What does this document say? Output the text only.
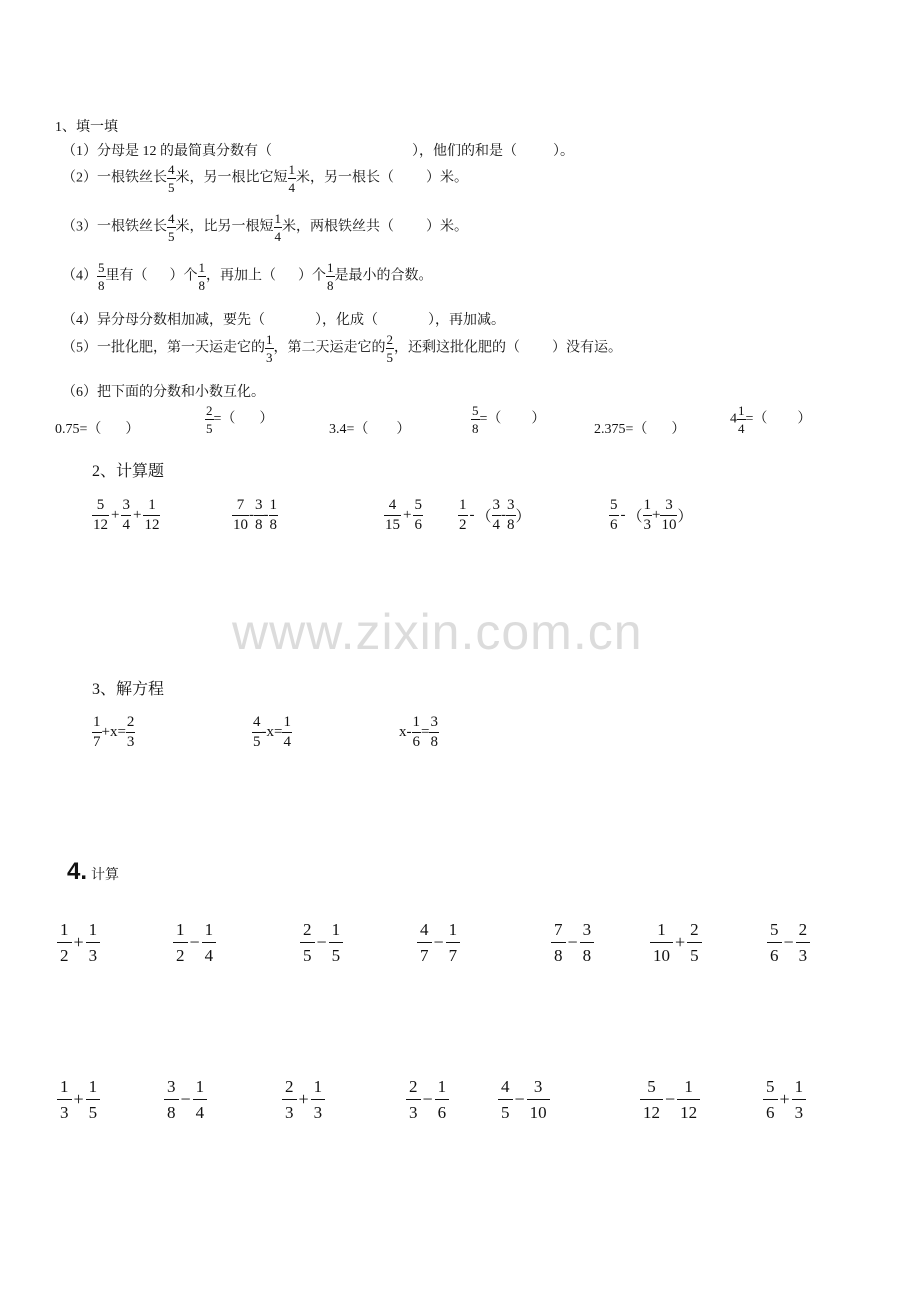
www.zixin.com.cn
1、填一填
（1）分母是 12 的最简真分数有（	），他们的和是（	）。
（2）一根铁丝长 $\frac{4}{5}$ 米，另一根比它短 $\frac{1}{4}$ 米，另一根长（ ）米。
（3）一根铁丝长 $\frac{4}{5}$ 米，比另一根短 $\frac{1}{4}$ 米，两根铁丝共（ ）米。
$(4) \frac{5}{8}$ 里有（ ）个 $\frac{1}{8}$ ，再加上（ ）个 $\frac{1}{8}$ 是最小的合数。
（4）异分母分数相加减，要先（	），化成（	），再加减。
（5）一批化肥，第一天运走它的 $\frac{1}{3}$ ，第二天运走它的 $\frac{2}{5}$ ，还剩这批化肥的（ ）没有运。
（6）把下面的分数和小数互化。
0.75=（ ）	$\frac{2}{5}$ =（ ）
3.4=（ ）	$\frac{5}{8}$ =（ ）
2.375=（ ）
$4 \frac{1}{4}$ =（ ）
2、计算题
$\frac{5}{12} + \frac{3}{4} + \frac{1}{12}$	$\frac{7}{10} - \frac{3}{8} - \frac{1}{8}$	$\frac{4}{15} + \frac{5}{6} \frac{1}{2}$ - （ $\frac{3}{4} - \frac{3}{8}$ ）	$\frac{5}{6}$ - （ $\frac{1}{3} + \frac{3}{10}$ ）
3、解方程
$\frac{1}{7} +x= \frac{2}{3}$	$\frac{4}{5} -x= \frac{1}{4}$	$x- \frac{1}{6} = \frac{3}{8}$
4. 计算
$\frac{1}{2} + \frac{1}{3}$	$\frac{1}{2} - \frac{1}{4}$	$\frac{2}{5} - \frac{1}{5}$	$\frac{4}{7} - \frac{1}{7}$	$\frac{7}{8} - \frac{3}{8}$	$\frac{1}{10} + \frac{2}{5}$	$\frac{5}{6} - \frac{2}{3}$
$\frac{1}{3} + \frac{1}{5}$	$\frac{3}{8} - \frac{1}{4}$	$\frac{2}{3} + \frac{1}{3}$	$\frac{2}{3} - \frac{1}{6}$	$\frac{4}{5} - \frac{3}{10}$	$\frac{5}{12} - \frac{1}{12}$	$\frac{5}{6} + \frac{1}{3}$
